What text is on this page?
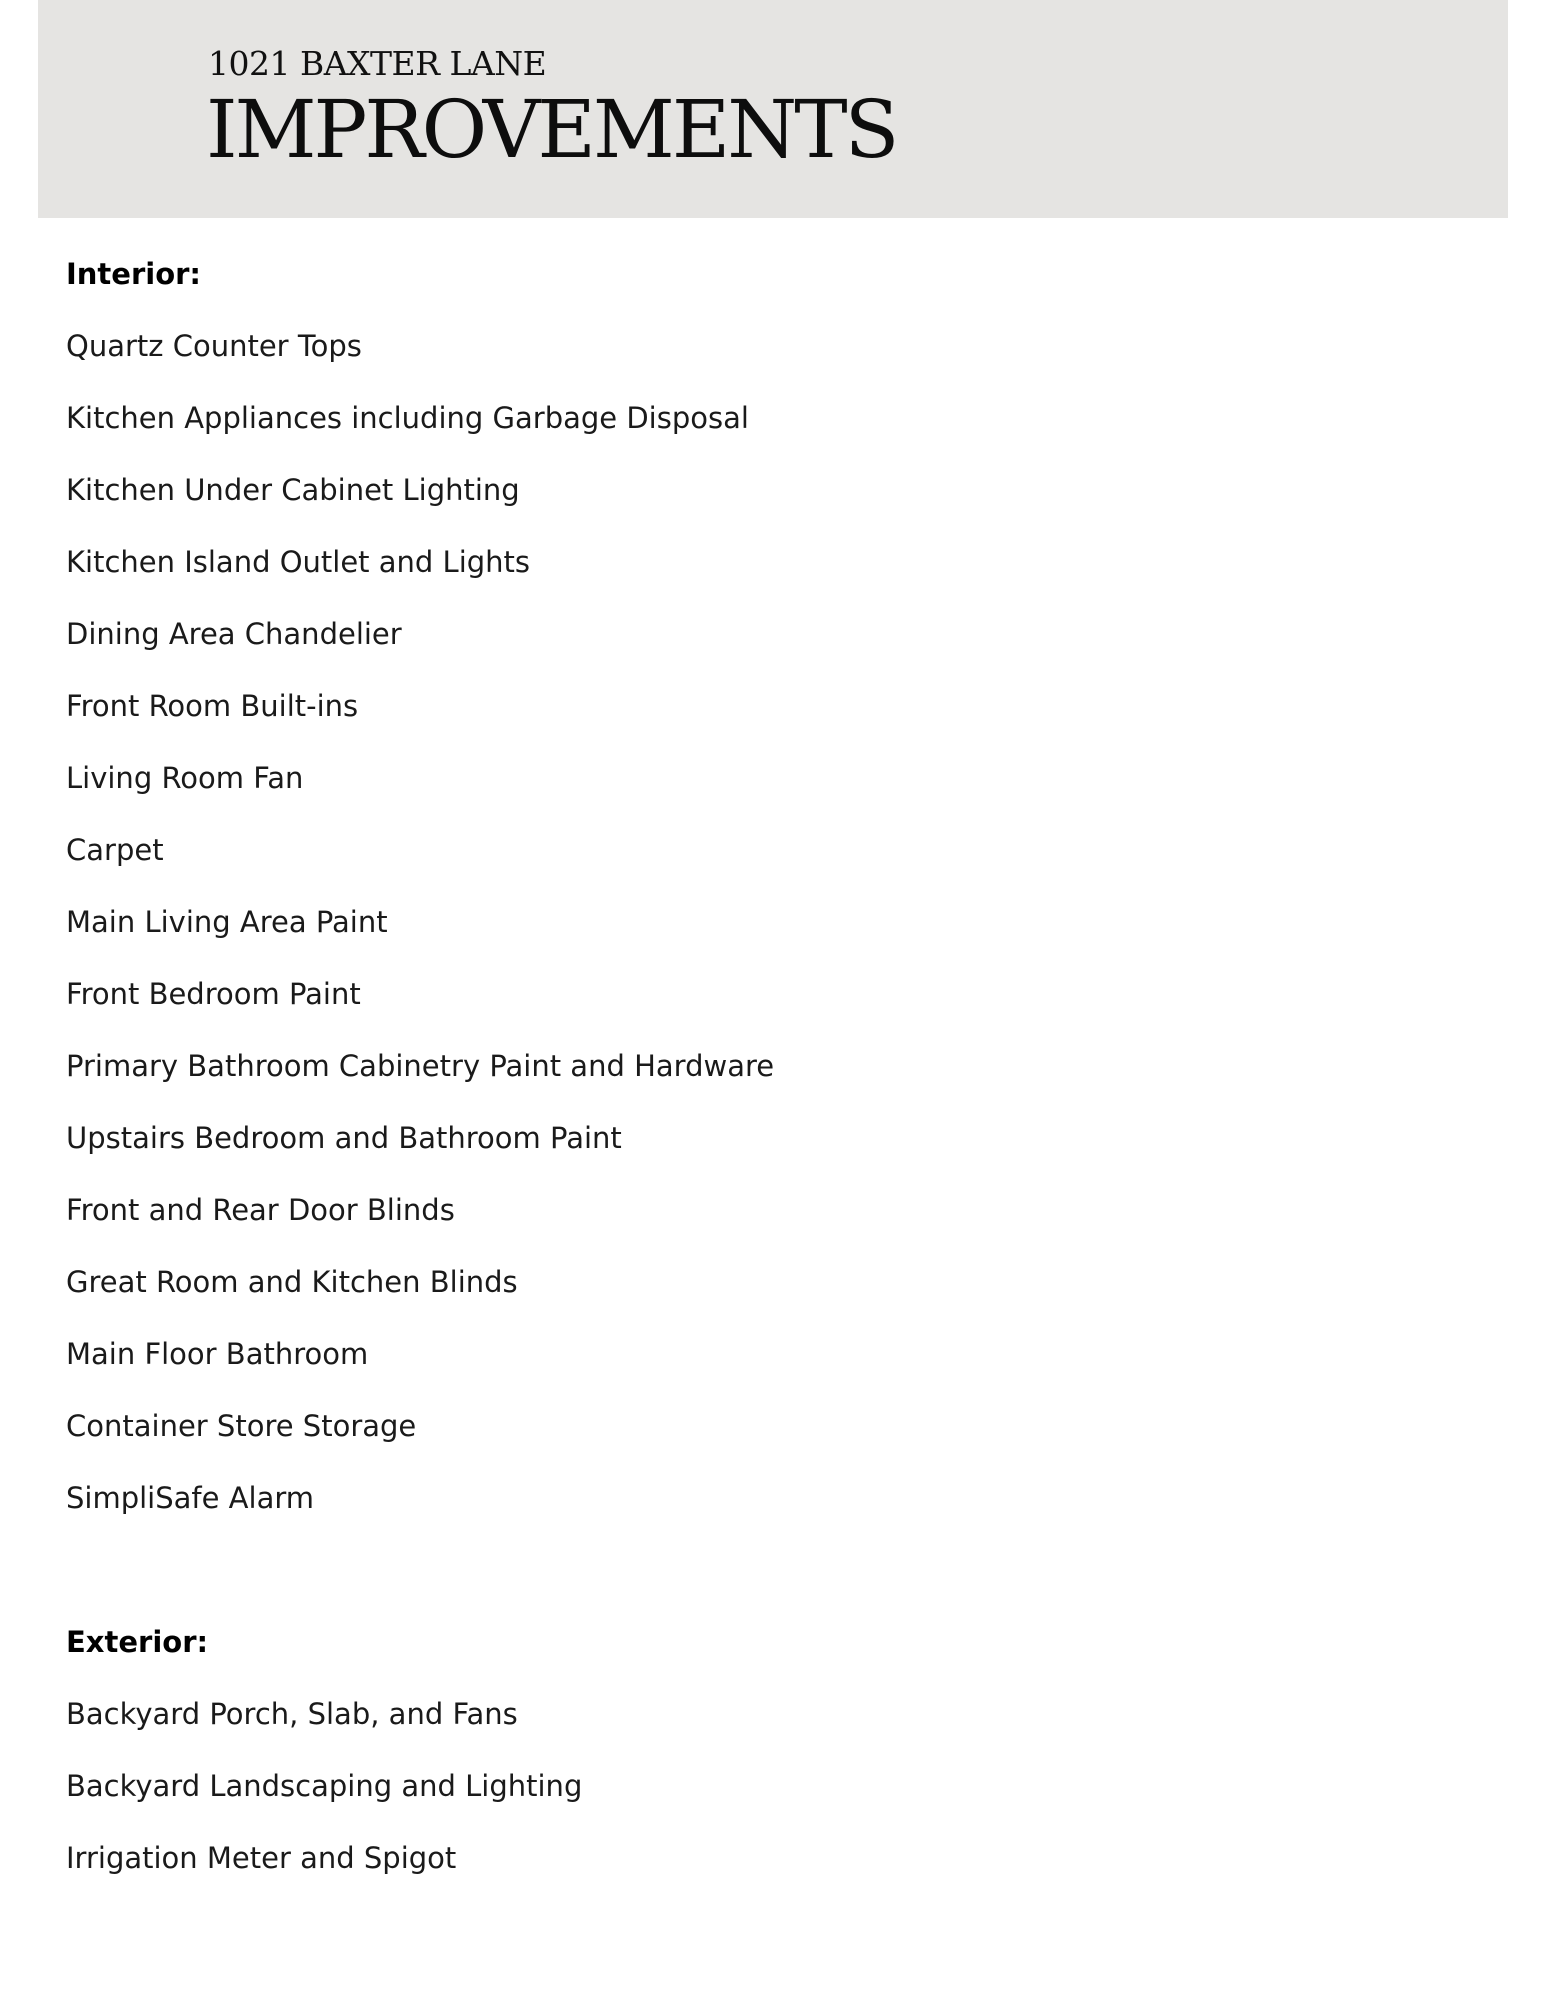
1021 BAXTER LANE
IMPROVEMENTS
Interior:
Quartz Counter Tops
Kitchen Appliances including Garbage Disposal
Kitchen Under Cabinet Lighting
Kitchen Island Outlet and Lights
Dining Area Chandelier
Front Room Built-ins
Living Room Fan
Carpet
Main Living Area Paint
Front Bedroom Paint
Primary Bathroom Cabinetry Paint and Hardware
Upstairs Bedroom and Bathroom Paint
Front and Rear Door Blinds
Great Room and Kitchen Blinds
Main Floor Bathroom
Container Store Storage
SimpliSafe Alarm
Exterior:
Backyard Porch, Slab, and Fans
Backyard Landscaping and Lighting
Irrigation Meter and Spigot
